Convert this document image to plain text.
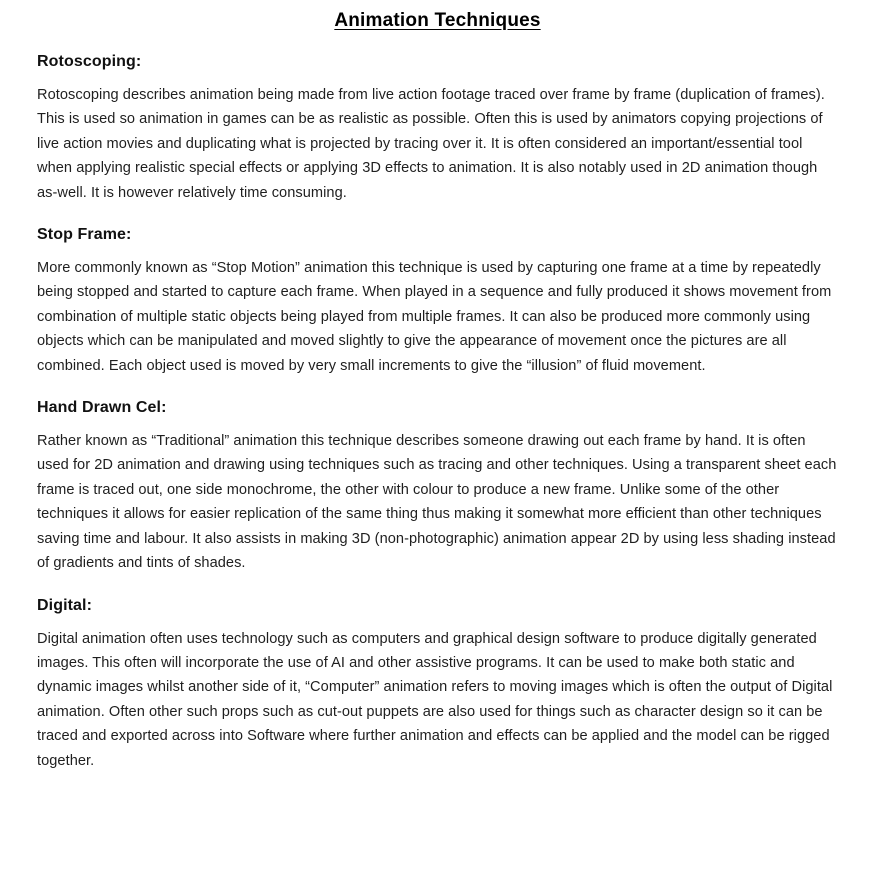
Animation Techniques
Rotoscoping:

Rotoscoping describes animation being made from live action footage traced over frame by frame (duplication of frames). This is used so animation in games can be as realistic as possible. Often this is used by animators copying projections of live action movies and duplicating what is projected by tracing over it. It is often considered an important/essential tool when applying realistic special effects or applying 3D effects to animation. It is also notably used in 2D animation though as-well. It is however relatively time consuming.

Stop Frame:

More commonly known as “Stop Motion” animation this technique is used by capturing one frame at a time by repeatedly being stopped and started to capture each frame. When played in a sequence and fully produced it shows movement from combination of multiple static objects being played from multiple frames. It can also be produced more commonly using objects which can be manipulated and moved slightly to give the appearance of movement once the pictures are all combined. Each object used is moved by very small increments to give the “illusion” of fluid movement.

Hand Drawn Cel:

Rather known as “Traditional” animation this technique describes someone drawing out each frame by hand. It is often used for 2D animation and drawing using techniques such as tracing and other techniques. Using a transparent sheet each frame is traced out, one side monochrome, the other with colour to produce a new frame. Unlike some of the other techniques it allows for easier replication of the same thing thus making it somewhat more efficient than other techniques saving time and labour. It also assists in making 3D (non-photographic) animation appear 2D by using less shading instead of gradients and tints of shades.

Digital:

Digital animation often uses technology such as computers and graphical design software to produce digitally generated images. This often will incorporate the use of AI and other assistive programs. It can be used to make both static and dynamic images whilst another side of it, “Computer” animation refers to moving images which is often the output of Digital animation. Often other such props such as cut-out puppets are also used for things such as character design so it can be traced and exported across into Software where further animation and effects can be applied and the model can be rigged together.
